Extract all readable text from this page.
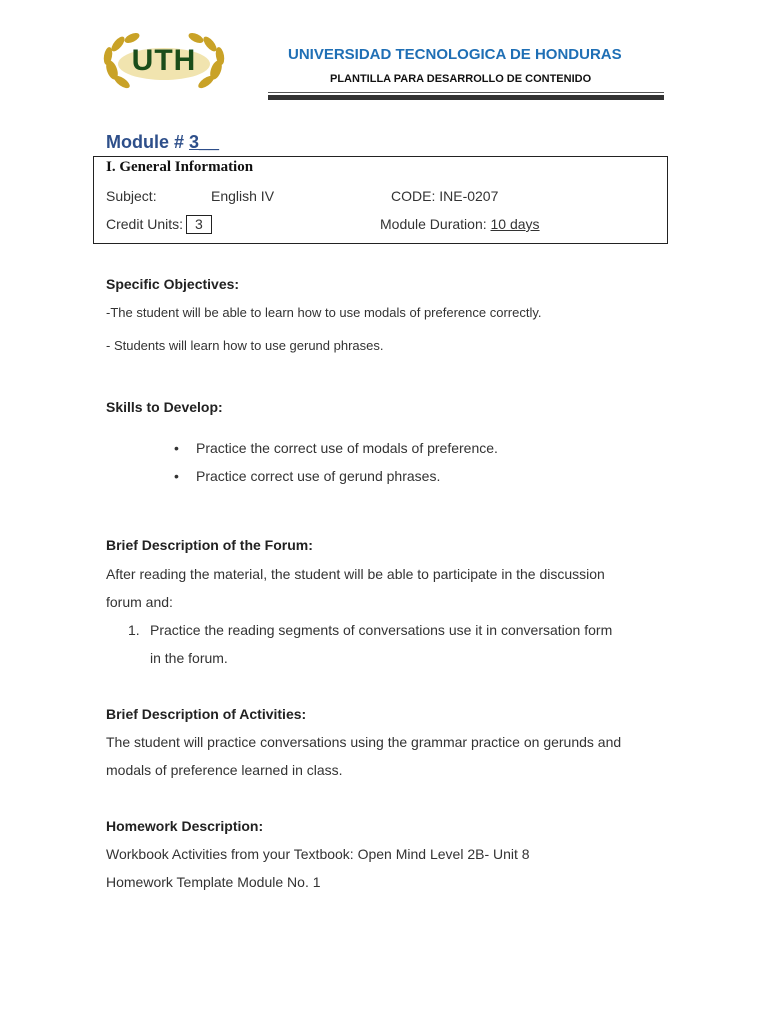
UTH	UNIVERSIDAD TECNOLOGICA DE HONDURAS
PLANTILLA PARA DESARROLLO DE CONTENIDO
Module # 3__
I. General Information
Subject:	English IV	CODE: INE-0207
Credit Units: 3	Module Duration: 10 days
Specific Objectives:
-The student will be able to learn how to use modals of preference correctly.
- Students will learn how to use gerund phrases.
Skills to Develop:
• Practice the correct use of modals of preference.
• Practice correct use of gerund phrases.
Brief Description of the Forum:
After reading the material, the student will be able to participate in the discussion
forum and:
1. Practice the reading segments of conversations use it in conversation form
in the forum.
Brief Description of Activities:
The student will practice conversations using the grammar practice on gerunds and
modals of preference learned in class.
Homework Description:
Workbook Activities from your Textbook: Open Mind Level 2B- Unit 8
Homework Template Module No. 1
